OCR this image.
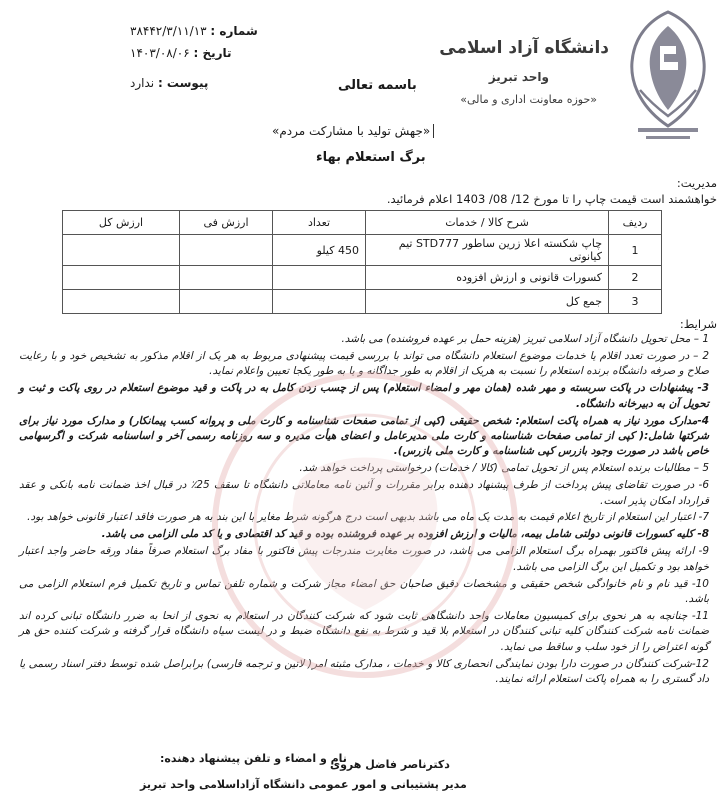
دانشگاه آزاد اسلامی
واحد تبریز
«حوزه معاونت اداری و مالی»
باسمه تعالی
شماره : ۳۸۴۴۲/۳/۱۱/۱۳
تاریخ : ۱۴۰۳/۰۸/۰۶
پیوست : ندارد
«جهش تولید با مشارکت مردم»
برگ استعلام بهاء
مدیریت:
خواهشمند است قیمت چاپ را تا مورخ 12/ 08/ 1403 اعلام فرمائید.
ردیف	شرح کالا / خدمات	تعداد	ارزش فی	ارزش کل
1	چاپ شکسته اعلا زرین ساطور STD777 تیم کیانوتی	450 کیلو		
2	کسورات قانونی و ارزش افزوده			
3	جمع کل			
شرایط:

1 – محل تحویل دانشگاه آزاد اسلامی تبریز (هزینه حمل بر عهده فروشنده) می باشد.

2 – در صورت تعدد اقلام یا خدمات موضوع استعلام دانشگاه می تواند با بررسی قیمت پیشنهادی مربوط به هر یک از اقلام مذکور به تشخیص خود و با رعایت صلاح و صرفه دانشگاه برنده استعلام را نسبت به هریک از اقلام به طور جداگانه و یا به طور یکجا تعیین واعلام نماید.

3- پیشنهادات در پاکت سربسته و مهر شده (همان مهر و امضاء استعلام) پس از چسب زدن کامل به در پاکت و قید موضوع استعلام در روی پاکت و ثبت و تحویل آن به دبیرخانه دانشگاه.

4-مدارک مورد نیاز به همراه پاکت استعلام: شخص حقیقی (کپی از تمامی صفحات شناسنامه و کارت ملی و پروانه کسب پیمانکار) و مدارک مورد نیاز برای شرکتها شامل:( کپی از تمامی صفحات شناسنامه و کارت ملی مدیرعامل و اعضای هیأت مدیره و سه روزنامه رسمی آخر و اساسنامه شرکت و اگرسهامی خاص باشد در صورت وجود بازرس کپی شناسنامه و کارت ملی بازرس).

5 – مطالبات برنده استعلام پس از تحویل تمامی (کالا / خدمات) درخواستی پرداخت خواهد شد.

6- در صورت تقاضای پیش پرداخت از طرف پیشنهاد دهنده برابر مقررات و آئین نامه معاملاتی دانشگاه تا سقف 25٪ در قبال اخذ ضمانت نامه بانکی و عقد قرارداد امکان پذیر است.

7- اعتبار این استعلام از تاریخ اعلام قیمت به مدت یک ماه می باشد بدیهی است درج هرگونه شرط مغایر با این بند به هر صورت فاقد اعتبار قانونی خواهد بود.

8- کلیه کسورات قانونی دولتی شامل بیمه، مالیات و ارزش افزوده بر عهده فروشنده بوده و قید کد اقتصادی و یا کد ملی الزامی می باشد.

9- ارائه پیش فاکتور بهمراه برگ استعلام الزامی می باشد، در صورت مغایرت مندرجات پیش فاکتور با مفاد برگ استعلام صرفاً مفاد ورقه حاضر واجد اعتبار خواهد بود و تکمیل این برگ الزامی می باشد.

10- قید نام و نام خانوادگی شخص حقیقی و مشخصات دقیق صاحبان حق امضاء مجاز شرکت و شماره تلفن تماس و تاریخ تکمیل فرم استعلام الزامی می باشد.

11- چنانچه به هر نحوی برای کمیسیون معاملات واحد دانشگاهی ثابت شود که شرکت کنندگان در استعلام به نحوی از انحا به ضرر دانشگاه تبانی کرده اند ضمانت نامه شرکت کنندگان کلیه تبانی کنندگان در استعلام بلا قید و شرط به نفع دانشگاه ضبط و در لیست سیاه دانشگاه قرار گرفته و شرکت کننده حق هر گونه اعتراض را از خود سلب و ساقط می نماید.

12-شرکت کنندگان در صورت دارا بودن نمایندگی انحصاری کالا و خدمات ، مدارک مثبته امر( لاتین و ترجمه فارسی) برابراصل شده توسط دفتر اسناد رسمی یا داد گستری را به همراه پاکت استعلام ارائه نمایند.

نام و امضاء و تلفن پیشنهاد دهنده:
دکترناصر فاضل هروی
مدیر پشتیبانی و امور عمومی دانشگاه آزاداسلامی واحد تبریز
